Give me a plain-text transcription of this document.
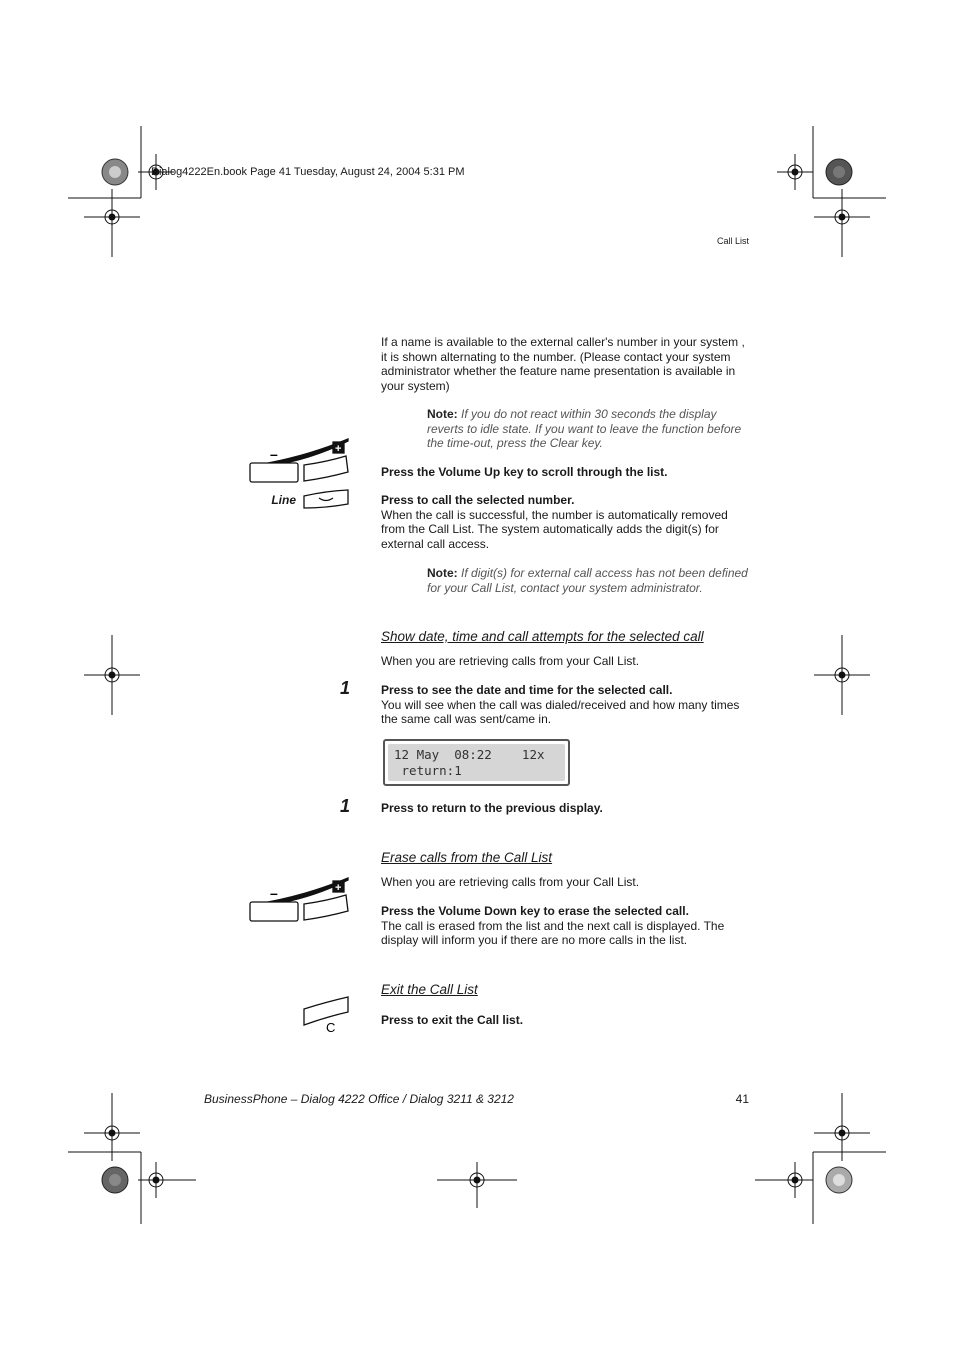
–	+
–	+
C
Dialog4222En.book Page 41 Tuesday, August 24, 2004 5:31 PM
Call List
If a name is available to the external caller's number in your system , it is shown alternating to the number. (Please contact your system administrator whether the feature name presentation is available in your system)
Note: If you do not react within 30 seconds the display reverts to idle state. If you want to leave the function before the time-out, press the Clear key.
Press the Volume Up key to scroll through the list.
Line	Press to call the selected number.
When the call is successful, the number is automatically removed from the Call List. The system automatically adds the digit(s) for external call access.
Note: If digit(s) for external call access has not been defined for your Call List, contact your system administrator.
Show date, time and call attempts for the selected call
When you are retrieving calls from your Call List.
1	Press to see the date and time for the selected call.
You will see when the call was dialed/received and how many times the same call was sent/came in.
12 May  08:22    12x
return:1
1	Press to return to the previous display.
Erase calls from the Call List
When you are retrieving calls from your Call List.
Press the Volume Down key to erase the selected call.
The call is erased from the list and the next call is displayed. The display will inform you if there are no more calls in the list.
Exit the Call List
Press to exit the Call list.
BusinessPhone – Dialog 4222 Office / Dialog 3211 & 3212	41
